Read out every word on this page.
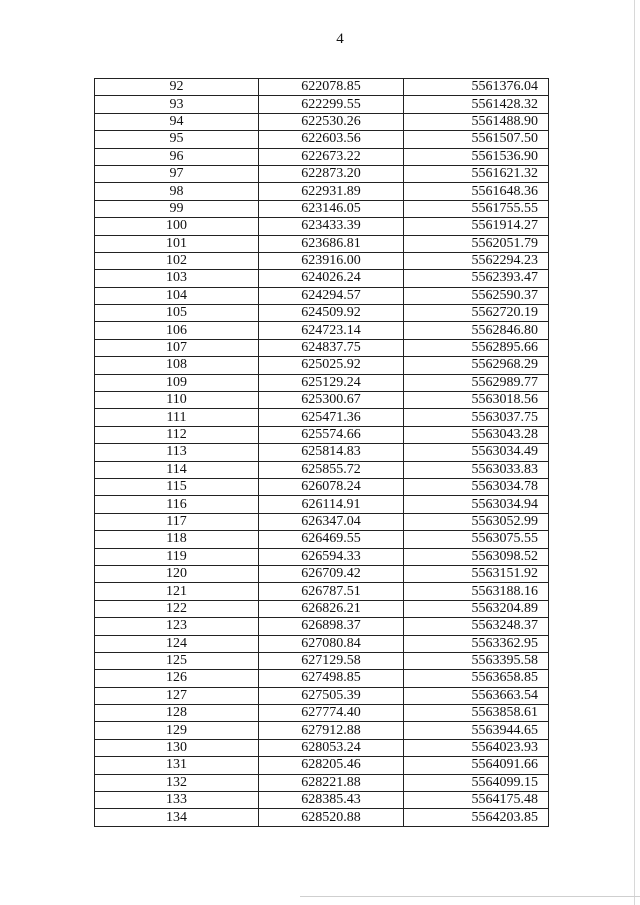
4
92	622078.85	5561376.04
93	622299.55	5561428.32
94	622530.26	5561488.90
95	622603.56	5561507.50
96	622673.22	5561536.90
97	622873.20	5561621.32
98	622931.89	5561648.36
99	623146.05	5561755.55
100	623433.39	5561914.27
101	623686.81	5562051.79
102	623916.00	5562294.23
103	624026.24	5562393.47
104	624294.57	5562590.37
105	624509.92	5562720.19
106	624723.14	5562846.80
107	624837.75	5562895.66
108	625025.92	5562968.29
109	625129.24	5562989.77
110	625300.67	5563018.56
111	625471.36	5563037.75
112	625574.66	5563043.28
113	625814.83	5563034.49
114	625855.72	5563033.83
115	626078.24	5563034.78
116	626114.91	5563034.94
117	626347.04	5563052.99
118	626469.55	5563075.55
119	626594.33	5563098.52
120	626709.42	5563151.92
121	626787.51	5563188.16
122	626826.21	5563204.89
123	626898.37	5563248.37
124	627080.84	5563362.95
125	627129.58	5563395.58
126	627498.85	5563658.85
127	627505.39	5563663.54
128	627774.40	5563858.61
129	627912.88	5563944.65
130	628053.24	5564023.93
131	628205.46	5564091.66
132	628221.88	5564099.15
133	628385.43	5564175.48
134	628520.88	5564203.85
